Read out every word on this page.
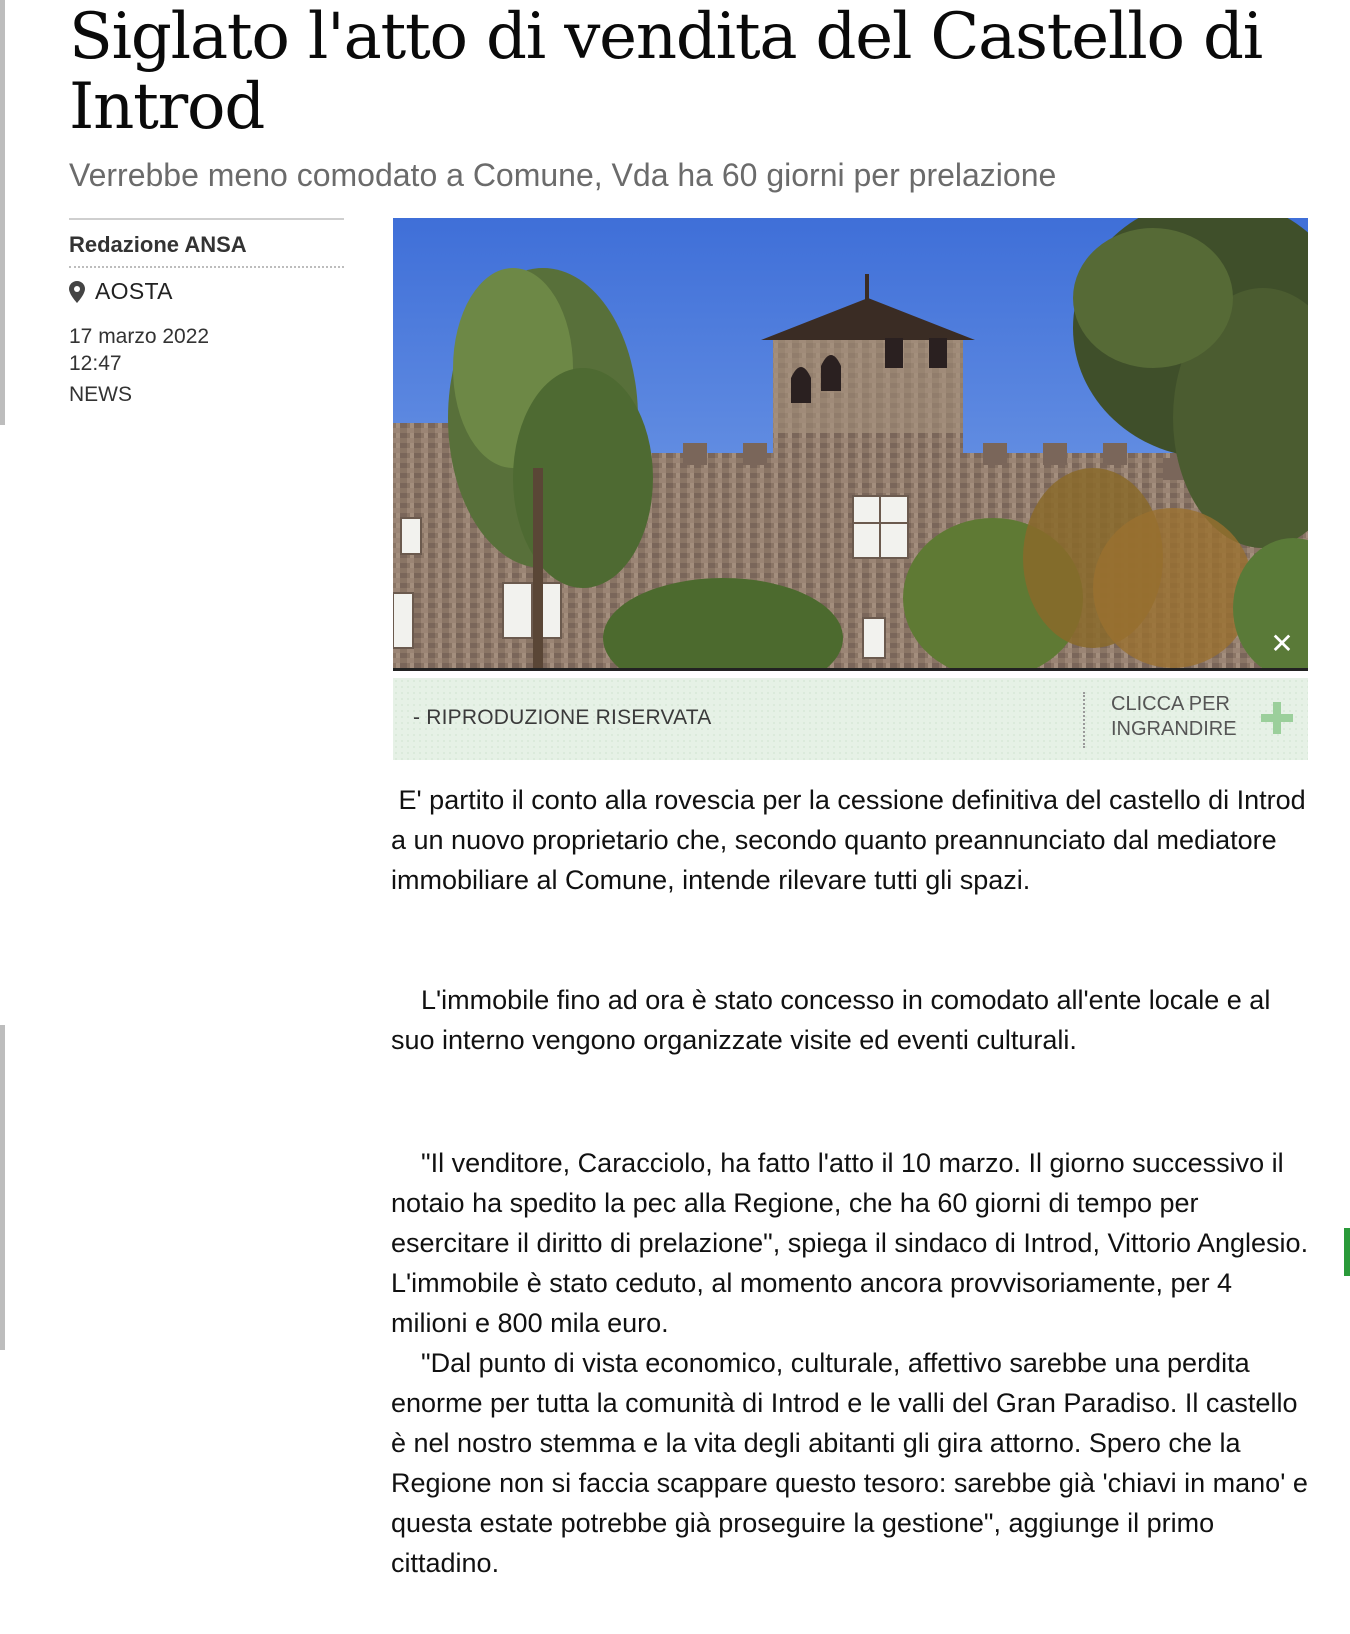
Siglato l'atto di vendita del Castello di Introd
Verrebbe meno comodato a Comune, Vda ha 60 giorni per prelazione
Redazione ANSA
AOSTA
17 marzo 2022
12:47
NEWS
✕
- RIPRODUZIONE RISERVATA
CLICCA PER INGRANDIRE

E' partito il conto alla rovescia per la cessione definitiva del castello di Introd a un nuovo proprietario che, secondo quanto preannunciato dal mediatore immobiliare al Comune, intende rilevare tutti gli spazi.

L'immobile fino ad ora è stato concesso in comodato all'ente locale e al suo interno vengono organizzate visite ed eventi culturali.

"Il venditore, Caracciolo, ha fatto l'atto il 10 marzo. Il giorno successivo il notaio ha spedito la pec alla Regione, che ha 60 giorni di tempo per esercitare il diritto di prelazione", spiega il sindaco di Introd, Vittorio Anglesio. L'immobile è stato ceduto, al momento ancora provvisoriamente, per 4 milioni e 800 mila euro.

"Dal punto di vista economico, culturale, affettivo sarebbe una perdita enorme per tutta la comunità di Introd e le valli del Gran Paradiso. Il castello è nel nostro stemma e la vita degli abitanti gli gira attorno. Spero che la Regione non si faccia scappare questo tesoro: sarebbe già 'chiavi in mano' e questa estate potrebbe già proseguire la gestione", aggiunge il primo cittadino.
